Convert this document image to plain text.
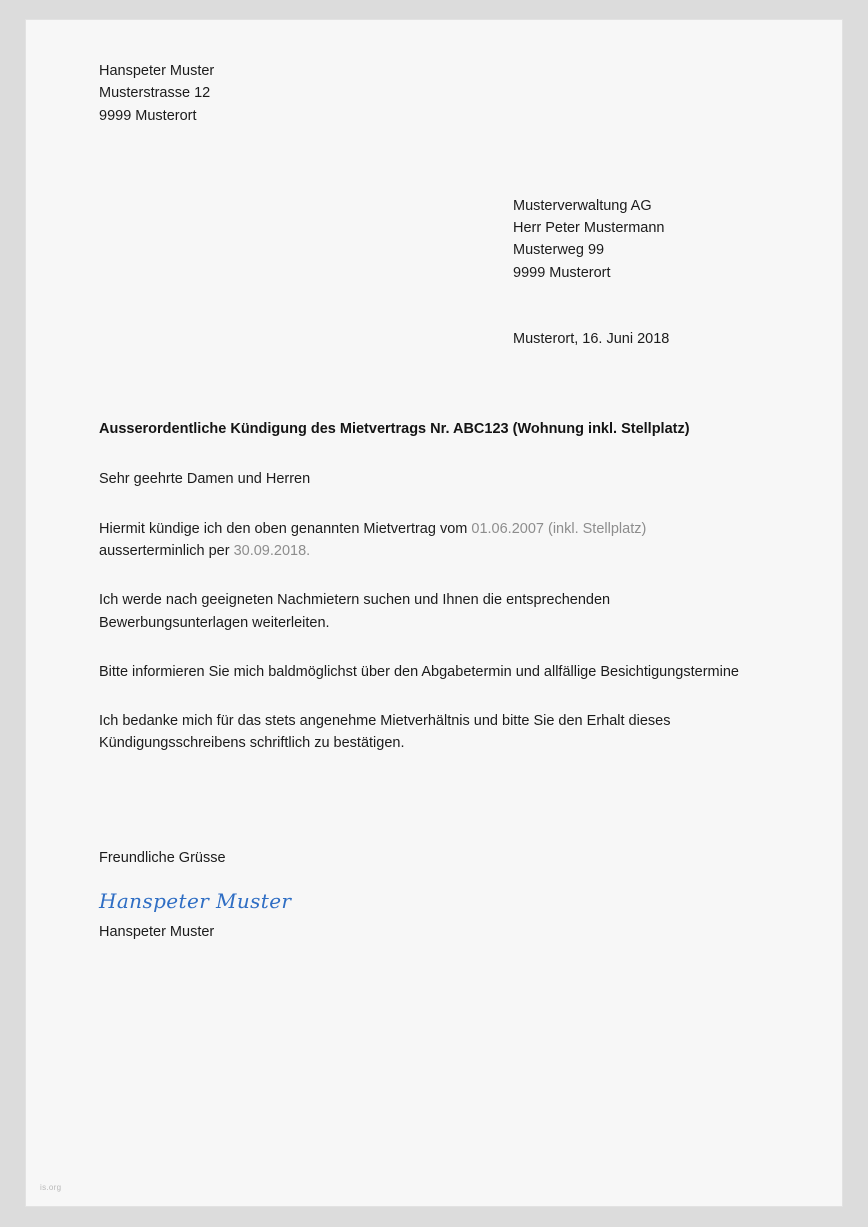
Hanspeter Muster
Musterstrasse 12
9999 Musterort
Musterverwaltung AG
Herr Peter Mustermann
Musterweg 99
9999 Musterort
Musterort, 16. Juni 2018
Ausserordentliche Kündigung des Mietvertrags Nr. ABC123 (Wohnung inkl. Stellplatz)
Sehr geehrte Damen und Herren
Hiermit kündige ich den oben genannten Mietvertrag vom 01.06.2007 (inkl. Stellplatz) ausserterminlich per 30.09.2018.
Ich werde nach geeigneten Nachmietern suchen und Ihnen die entsprechenden Bewerbungsunterlagen weiterleiten.
Bitte informieren Sie mich baldmöglichst über den Abgabetermin und allfällige Besichtigungstermine
Ich bedanke mich für das stets angenehme Mietverhältnis und bitte Sie den Erhalt dieses Kündigungsschreibens schriftlich zu bestätigen.
Freundliche Grüsse
Hanspeter Muster
Hanspeter Muster
is.org
